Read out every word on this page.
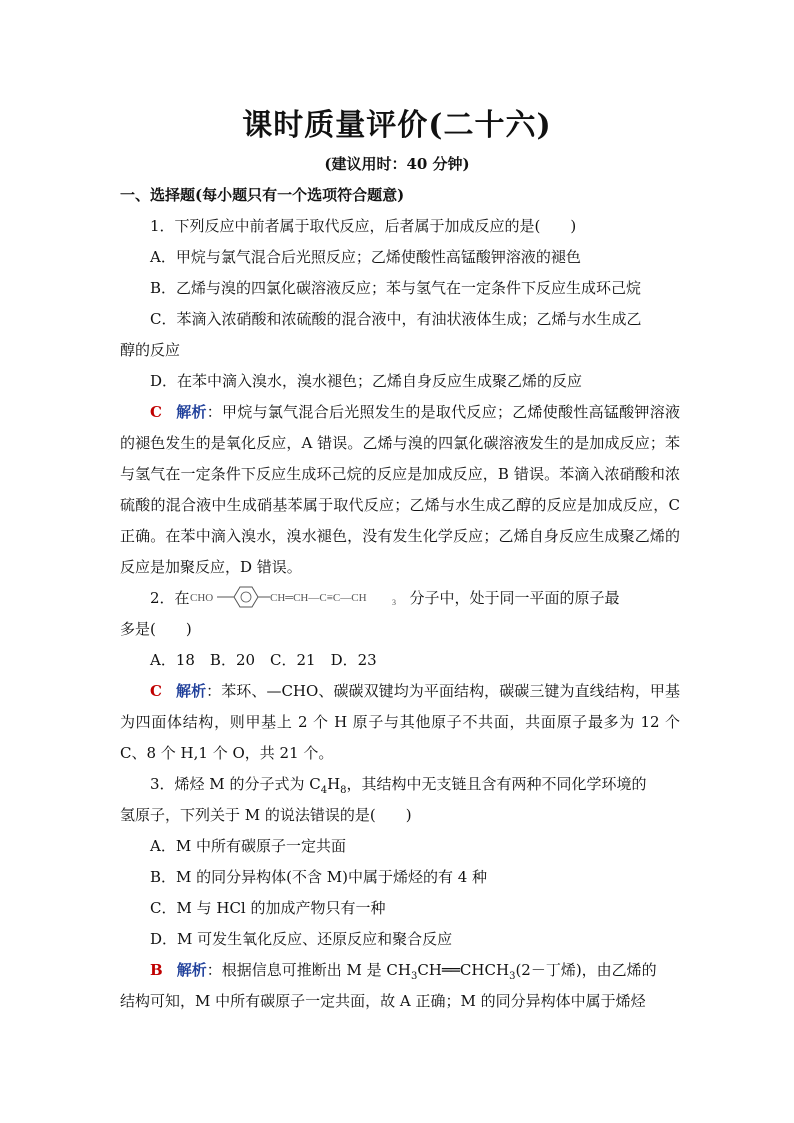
课时质量评价(二十六)
(建议用时：40 分钟)

一、选择题(每小题只有一个选项符合题意)

1．下列反应中前者属于取代反应，后者属于加成反应的是(　　)

A．甲烷与氯气混合后光照反应；乙烯使酸性高锰酸钾溶液的褪色

B．乙烯与溴的四氯化碳溶液反应；苯与氢气在一定条件下反应生成环己烷

C．苯滴入浓硝酸和浓硫酸的混合液中，有油状液体生成；乙烯与水生成乙

醇的反应

D．在苯中滴入溴水，溴水褪色；乙烯自身反应生成聚乙烯的反应

C 解析：甲烷与氯气混合后光照发生的是取代反应；乙烯使酸性高锰酸钾溶液的褪色发生的是氧化反应，A 错误。乙烯与溴的四氯化碳溶液发生的是加成反应；苯与氢气在一定条件下反应生成环己烷的反应是加成反应，B 错误。苯滴入浓硝酸和浓硫酸的混合液中生成硝基苯属于取代反应；乙烯与水生成乙醇的反应是加成反应，C 正确。在苯中滴入溴水，溴水褪色，没有发生化学反应；乙烯自身反应生成聚乙烯的反应是加聚反应，D 错误。

2．在 CHO	CH═CH—C≡C—CH	3 分子中，处于同一平面的原子最

多是(　　)

A．18　B．20　C．21　D．23

C 解析：苯环、—CHO、碳碳双键均为平面结构，碳碳三键为直线结构，甲基为四面体结构，则甲基上 2 个 H 原子与其他原子不共面，共面原子最多为 12 个 C、8 个 H,1 个 O，共 21 个。

3．烯烃 M 的分子式为 $C_4H_8$，其结构中无支链且含有两种不同化学环境的

氢原子，下列关于 M 的说法错误的是(　　)

A．M 中所有碳原子一定共面

B．M 的同分异构体(不含 M)中属于烯烃的有 4 种

C．M 与 HCl 的加成产物只有一种

D．M 可发生氧化反应、还原反应和聚合反应

B 解析：根据信息可推断出 M 是 $CH_3CH══CHCH_3(2-$丁烯)，由乙烯的

结构可知，M 中所有碳原子一定共面，故 A 正确；M 的同分异构体中属于烯烃
